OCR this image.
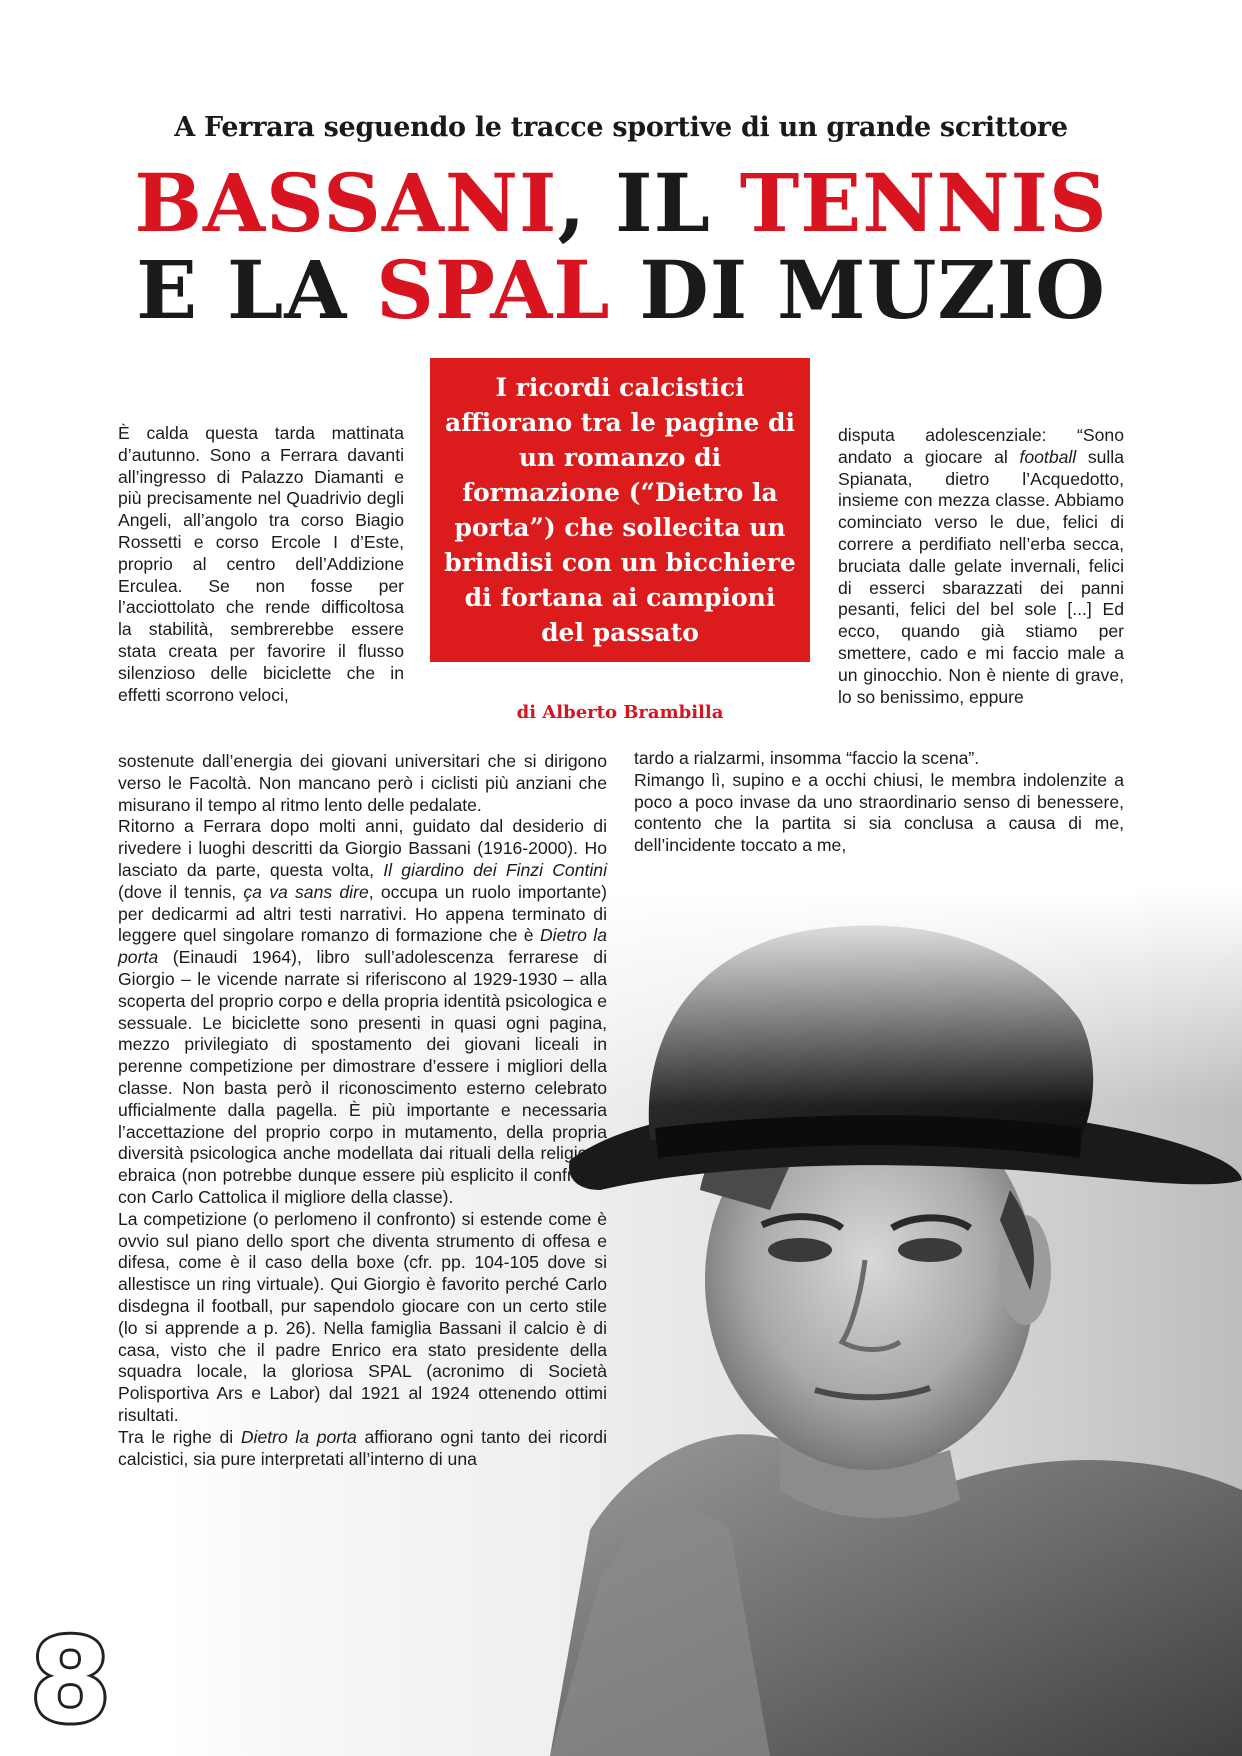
A Ferrara seguendo le tracce sportive di un grande scrittore
BASSANI, IL TENNIS
E LA SPAL DI MUZIO
I ricordi calcistici affiorano tra le pagine di un romanzo di formazione (“Dietro la porta”) che sollecita un brindisi con un bicchiere di fortana ai campioni del passato
di Alberto Brambilla

È calda questa tarda mattinata d’autunno. Sono a Ferrara davanti all’ingresso di Palazzo Diamanti e più precisamente nel Quadrivio degli Angeli, all’angolo tra corso Biagio Rossetti e corso Ercole I d’Este, proprio al centro dell’Addizione Erculea. Se non fosse per l’acciottolato che rende difficoltosa la stabilità, sembrerebbe essere stata creata per favorire il flusso silenzioso delle biciclette che in effetti scorrono veloci,

disputa adolescenziale: “Sono andato a giocare al football sulla Spianata, dietro l’Acquedotto, insieme con mezza classe. Abbiamo cominciato verso le due, felici di correre a perdifiato nell’erba secca, bruciata dalle gelate invernali, felici di esserci sbarazzati dei panni pesanti, felici del bel sole [...] Ed ecco, quando già stiamo per smettere, cado e mi faccio male a un ginocchio. Non è niente di grave, lo so benissimo, eppure

sostenute dall’energia dei giovani universitari che si dirigono verso le Facoltà. Non mancano però i ciclisti più anziani che misurano il tempo al ritmo lento delle pedalate.

Ritorno a Ferrara dopo molti anni, guidato dal desiderio di rivedere i luoghi descritti da Giorgio Bassani (1916-2000). Ho lasciato da parte, questa volta, Il giardino dei Finzi Contini (dove il tennis, ça va sans dire, occupa un ruolo importante) per dedicarmi ad altri testi narrativi. Ho appena terminato di leggere quel singolare romanzo di formazione che è Dietro la porta (Einaudi 1964), libro sull’adolescenza ferrarese di Giorgio – le vicende narrate si riferiscono al 1929-1930 – alla scoperta del proprio corpo e della propria identità psicologica e sessuale. Le biciclette sono presenti in quasi ogni pagina, mezzo privilegiato di spostamento dei giovani liceali in perenne competizione per dimostrare d’essere i migliori della classe. Non basta però il riconoscimento esterno celebrato ufficialmente dalla pagella. È più importante e necessaria l’accettazione del proprio corpo in mutamento, della propria diversità psicologica anche modellata dai rituali della religione ebraica (non potrebbe dunque essere più esplicito il confronto con Carlo Cattolica il migliore della classe).

La competizione (o perlomeno il confronto) si estende come è ovvio sul piano dello sport che diventa strumento di offesa e difesa, come è il caso della boxe (cfr. pp. 104-105 dove si allestisce un ring virtuale). Qui Giorgio è favorito perché Carlo disdegna il football, pur sapendolo giocare con un certo stile (lo si apprende a p. 26). Nella famiglia Bassani il calcio è di casa, visto che il padre Enrico era stato presidente della squadra locale, la gloriosa SPAL (acronimo di Società Polisportiva Ars e Labor) dal 1921 al 1924 ottenendo ottimi risultati.

Tra le righe di Dietro la porta affiorano ogni tanto dei ricordi calcistici, sia pure interpretati all’interno di una

tardo a rialzarmi, insomma “faccio la scena”.

Rimango lì, supino e a occhi chiusi, le membra indolenzite a poco a poco invase da uno straordinario senso di benessere, contento che la partita si sia conclusa a causa di me, dell’incidente toccato a me,

8
